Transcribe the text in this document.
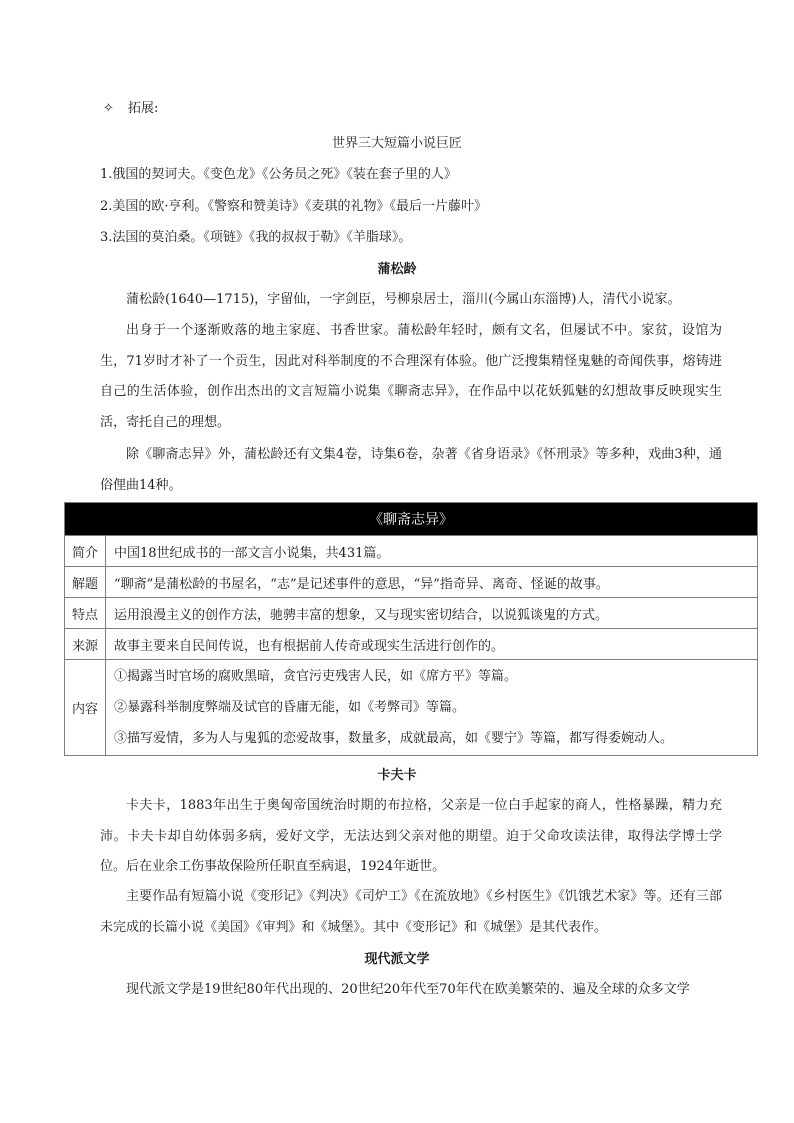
✧ 拓展:
世界三大短篇小说巨匠
1.俄国的契诃夫。《变色龙》《公务员之死》《装在套子里的人》
2.美国的欧·亨利。《警察和赞美诗》《麦琪的礼物》《最后一片藤叶》
3.法国的莫泊桑。《项链》《我的叔叔于勒》《羊脂球》。
蒲松龄
蒲松龄(1640—1715)，字留仙，一字剑臣，号柳泉居士，淄川(今属山东淄博)人，清代小说家。
出身于一个逐渐败落的地主家庭、书香世家。蒲松龄年轻时，颇有文名，但屡试不中。家贫，设馆为生，71岁时才补了一个贡生，因此对科举制度的不合理深有体验。他广泛搜集精怪鬼魅的奇闻佚事，熔铸进自己的生活体验，创作出杰出的文言短篇小说集《聊斋志异》，在作品中以花妖狐魅的幻想故事反映现实生活，寄托自己的理想。
除《聊斋志异》外，蒲松龄还有文集4卷，诗集6卷，杂著《省身语录》《怀刑录》等多种，戏曲3种，通俗俚曲14种。
《聊斋志异》	
简介	中国18世纪成书的一部文言小说集，共431篇。
解题	“聊斋”是蒲松龄的书屋名，“志”是记述事件的意思，“异”指奇异、离奇、怪诞的故事。
特点	运用浪漫主义的创作方法，驰骋丰富的想象，又与现实密切结合，以说狐谈鬼的方式。
来源	故事主要来自民间传说，也有根据前人传奇或现实生活进行创作的。
内容	①揭露当时官场的腐败黑暗，贪官污吏残害人民，如《席方平》等篇。
②暴露科举制度弊端及试官的昏庸无能，如《考弊司》等篇。
③描写爱情，多为人与鬼狐的恋爱故事，数量多，成就最高，如《婴宁》等篇，都写得委婉动人。
卡夫卡
卡夫卡，1883年出生于奥匈帝国统治时期的布拉格，父亲是一位白手起家的商人，性格暴躁，精力充沛。卡夫卡却自幼体弱多病，爱好文学，无法达到父亲对他的期望。迫于父命攻读法律，取得法学博士学位。后在业余工伤事故保险所任职直至病退，1924年逝世。
主要作品有短篇小说《变形记》《判决》《司炉工》《在流放地》《乡村医生》《饥饿艺术家》等。还有三部未完成的长篇小说《美国》《审判》和《城堡》。其中《变形记》和《城堡》是其代表作。
现代派文学
现代派文学是19世纪80年代出现的、20世纪20年代至70年代在欧美繁荣的、遍及全球的众多文学
